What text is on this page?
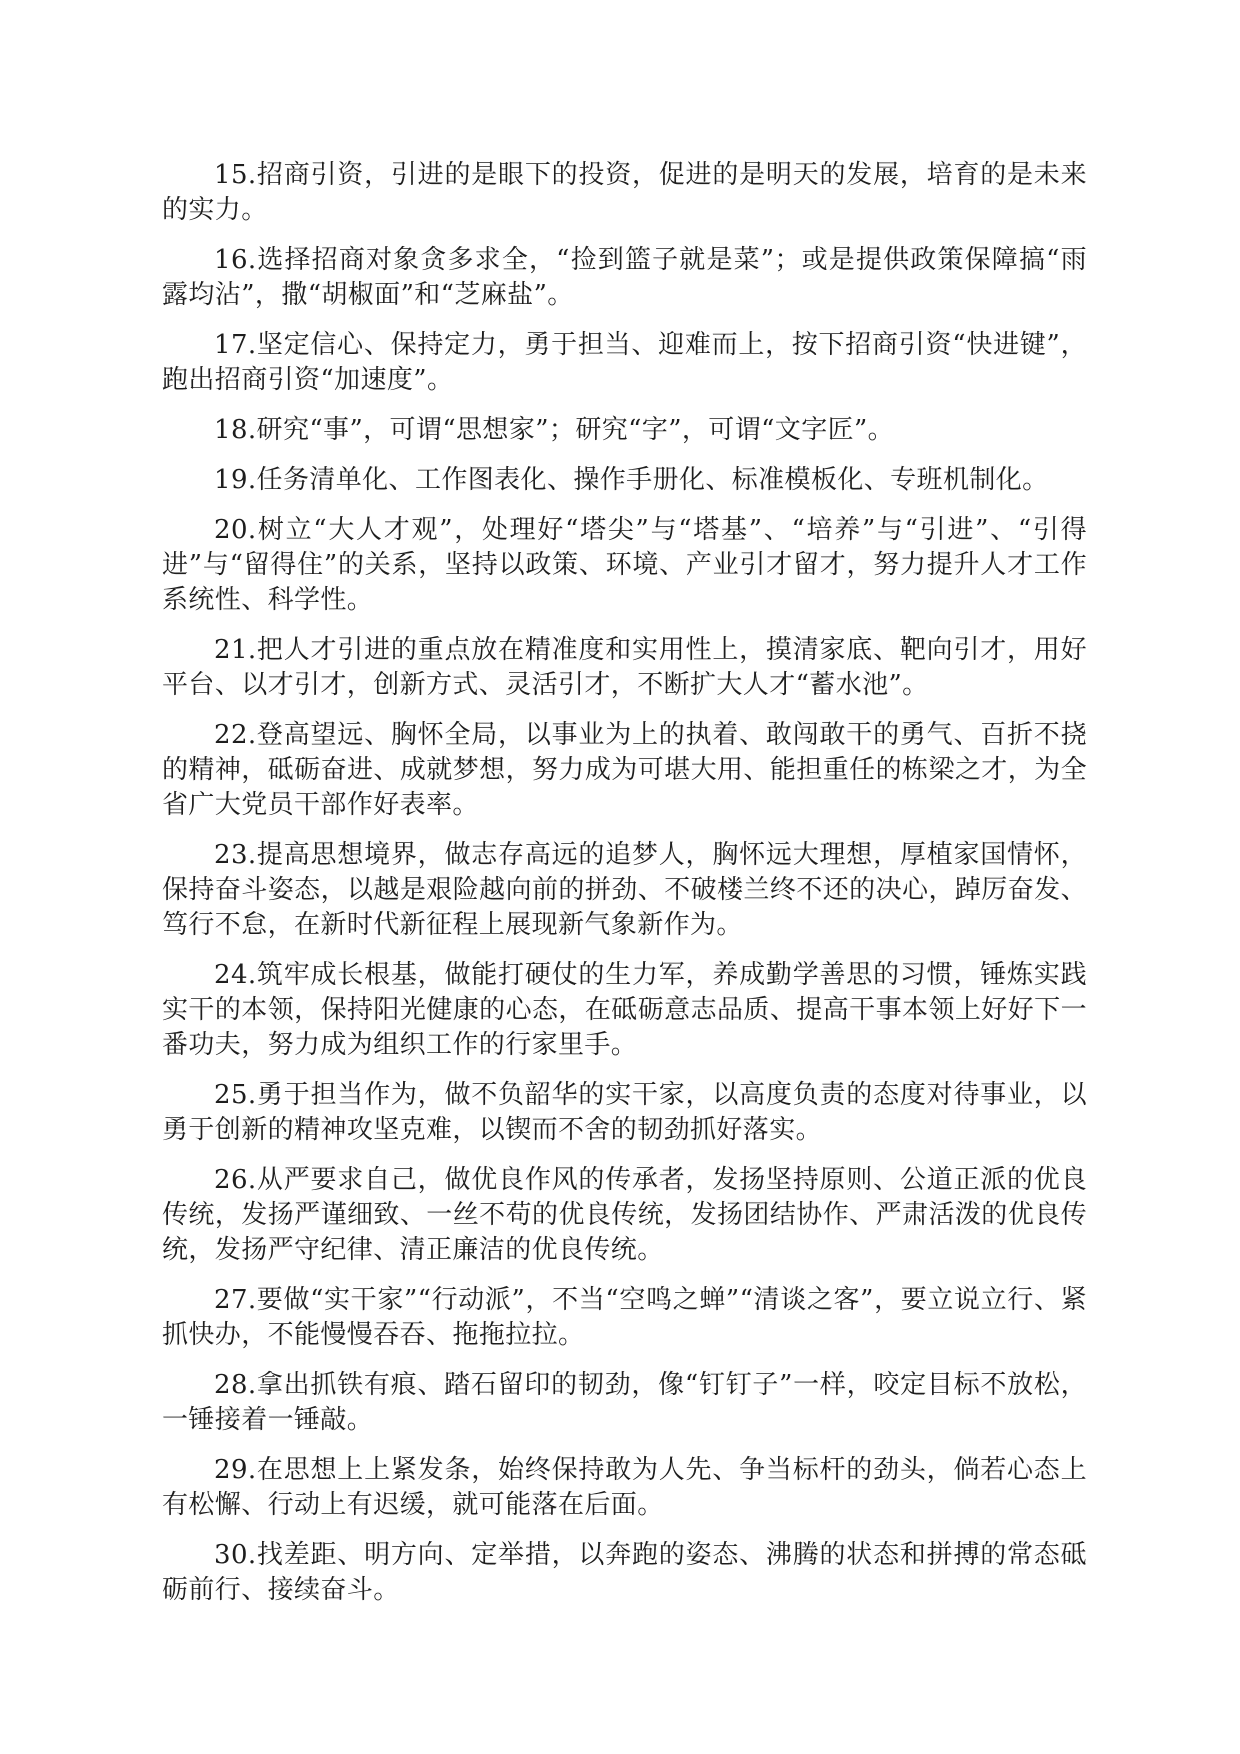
15.招商引资，引进的是眼下的投资，促进的是明天的发展，培育的是未来的实力。

16.选择招商对象贪多求全，“捡到篮子就是菜”；或是提供政策保障搞“雨露均沾”，撒“胡椒面”和“芝麻盐”。

17.坚定信心、保持定力，勇于担当、迎难而上，按下招商引资“快进键”，跑出招商引资“加速度”。

18.研究“事”，可谓“思想家”；研究“字”，可谓“文字匠”。

19.任务清单化、工作图表化、操作手册化、标准模板化、专班机制化。

20.树立“大人才观”，处理好“塔尖”与“塔基”、“培养”与“引进”、“引得进”与“留得住”的关系，坚持以政策、环境、产业引才留才，努力提升人才工作系统性、科学性。

21.把人才引进的重点放在精准度和实用性上，摸清家底、靶向引才，用好平台、以才引才，创新方式、灵活引才，不断扩大人才“蓄水池”。

22.登高望远、胸怀全局，以事业为上的执着、敢闯敢干的勇气、百折不挠的精神，砥砺奋进、成就梦想，努力成为可堪大用、能担重任的栋梁之才，为全省广大党员干部作好表率。

23.提高思想境界，做志存高远的追梦人，胸怀远大理想，厚植家国情怀，保持奋斗姿态，以越是艰险越向前的拼劲、不破楼兰终不还的决心，踔厉奋发、笃行不怠，在新时代新征程上展现新气象新作为。

24.筑牢成长根基，做能打硬仗的生力军，养成勤学善思的习惯，锤炼实践实干的本领，保持阳光健康的心态，在砥砺意志品质、提高干事本领上好好下一番功夫，努力成为组织工作的行家里手。

25.勇于担当作为，做不负韶华的实干家，以高度负责的态度对待事业，以勇于创新的精神攻坚克难，以锲而不舍的韧劲抓好落实。

26.从严要求自己，做优良作风的传承者，发扬坚持原则、公道正派的优良传统，发扬严谨细致、一丝不苟的优良传统，发扬团结协作、严肃活泼的优良传统，发扬严守纪律、清正廉洁的优良传统。

27.要做“实干家”“行动派”，不当“空鸣之蝉”“清谈之客”，要立说立行、紧抓快办，不能慢慢吞吞、拖拖拉拉。

28.拿出抓铁有痕、踏石留印的韧劲，像“钉钉子”一样，咬定目标不放松，一锤接着一锤敲。

29.在思想上上紧发条，始终保持敢为人先、争当标杆的劲头，倘若心态上有松懈、行动上有迟缓，就可能落在后面。

30.找差距、明方向、定举措，以奔跑的姿态、沸腾的状态和拼搏的常态砥砺前行、接续奋斗。
